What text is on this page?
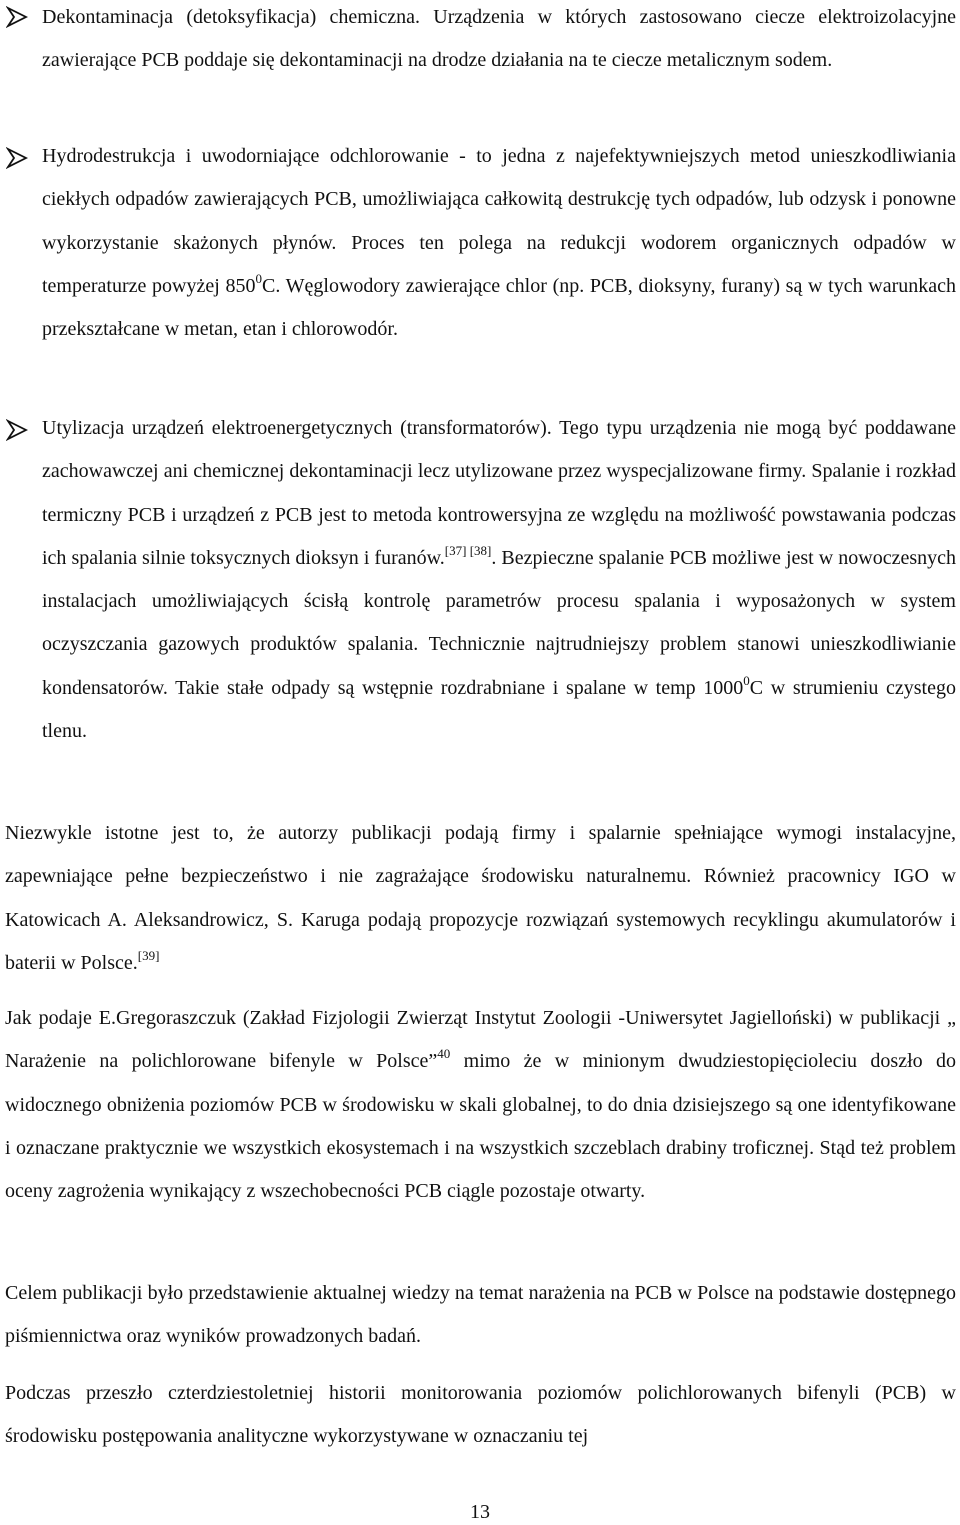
Dekontaminacja (detoksyfikacja) chemiczna. Urządzenia w których zastosowano ciecze elektroizolacyjne zawierające PCB poddaje się dekontaminacji na drodze działania na te ciecze metalicznym sodem.

Hydrodestrukcja i uwodorniające odchlorowanie - to jedna z najefektywniejszych metod unieszkodliwiania ciekłych odpadów zawierających PCB, umożliwiająca całkowitą destrukcję tych odpadów, lub odzysk i ponowne wykorzystanie skażonych płynów. Proces ten polega na redukcji wodorem organicznych odpadów w temperaturze powyżej $850^0C$. Węglowodory zawierające chlor (np. PCB, dioksyny, furany) są w tych warunkach przekształcane w metan, etan i chlorowodór.

Utylizacja urządzeń elektroenergetycznych (transformatorów). Tego typu urządzenia nie mogą być poddawane zachowawczej ani chemicznej dekontaminacji lecz utylizowane przez wyspecjalizowane firmy. Spalanie i rozkład termiczny PCB i urządzeń z PCB jest to metoda kontrowersyjna ze względu na możliwość powstawania podczas ich spalania silnie toksycznych dioksyn i furanów.[37] [38]. Bezpieczne spalanie PCB możliwe jest w nowoczesnych instalacjach umożliwiających ścisłą kontrolę parametrów procesu spalania i wyposażonych w system oczyszczania gazowych produktów spalania. Technicznie najtrudniejszy problem stanowi unieszkodliwianie kondensatorów. Takie stałe odpady są wstępnie rozdrabniane i spalane w temp 1000$^0$C w strumieniu czystego tlenu.

Niezwykle istotne jest to, że autorzy publikacji podają firmy i spalarnie spełniające wymogi instalacyjne, zapewniające pełne bezpieczeństwo i nie zagrażające środowisku naturalnemu. Również pracownicy IGO w Katowicach A. Aleksandrowicz, S. Karuga podają propozycje rozwiązań systemowych recyklingu akumulatorów i baterii w Polsce.[39]

Jak podaje E.Gregoraszczuk (Zakład Fizjologii Zwierząt Instytut Zoologii -Uniwersytet Jagielloński) w publikacji „ Narażenie na polichlorowane bifenyle w Polsce”$^{40}$ mimo że w minionym dwudziestopięcioleciu doszło do widocznego obniżenia poziomów PCB w środowisku w skali globalnej, to do dnia dzisiejszego są one identyfikowane i oznaczane praktycznie we wszystkich ekosystemach i na wszystkich szczeblach drabiny troficznej. Stąd też problem oceny zagrożenia wynikający z wszechobecności PCB ciągle pozostaje otwarty.

Celem publikacji było przedstawienie aktualnej wiedzy na temat narażenia na PCB w Polsce na podstawie dostępnego piśmiennictwa oraz wyników prowadzonych badań.

Podczas przeszło czterdziestoletniej historii monitorowania poziomów polichlorowanych bifenyli (PCB) w środowisku postępowania analityczne wykorzystywane w oznaczaniu tej

13
